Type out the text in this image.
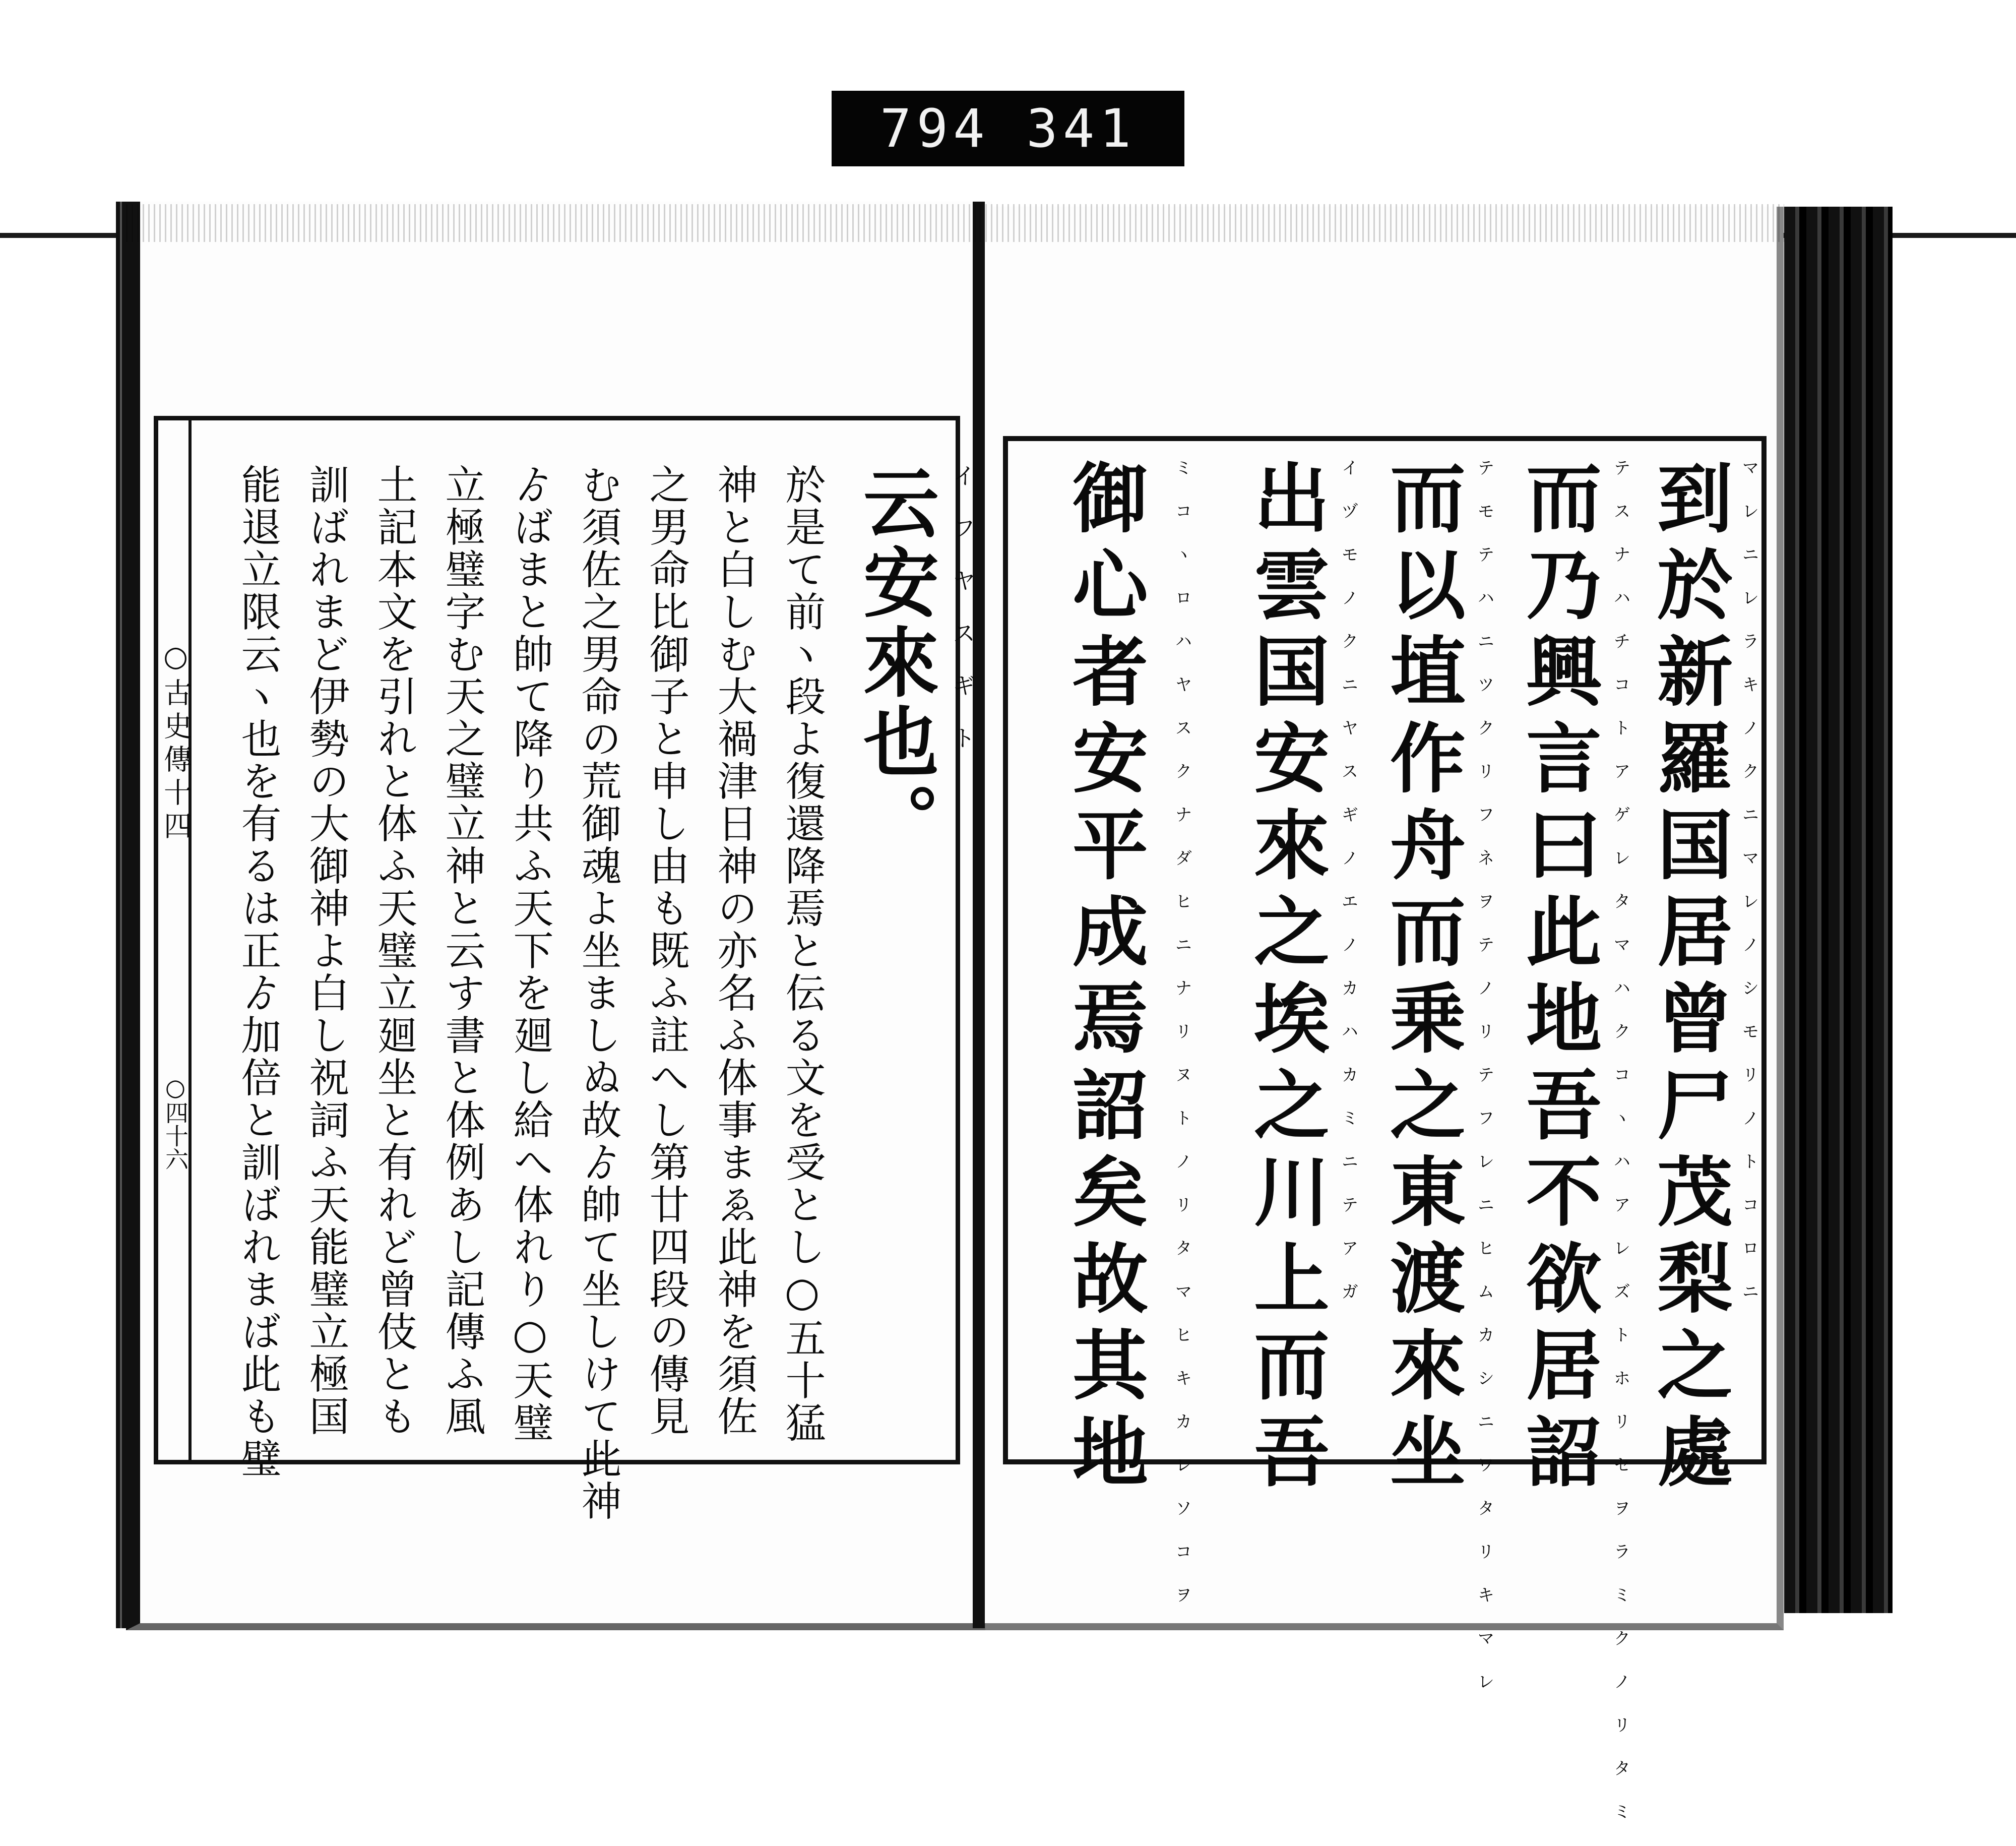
794 341
○古史傳十四
○四十六
云安來也。 イフヤスギト
於是て前ヽ段よ復還降焉と伝る文を受とし○五十猛
神と白しむ大禍津日神の亦名ふ体事まゑ此神を須佐
之男命比御子と申し由も既ふ註へし第廿四段の傳見
む須佐之男命の荒御魂よ坐ましぬ故ゟ帥て坐しけて此神
ゟばまと帥て降り共ふ天下を廻し給へ体れり○天璧
立極璧字む天之璧立神と云す書と体例あし記傳ふ風
土記本文を引れと体ふ天璧立廻坐と有れど曾伎とも
訓ばれまど伊勢の大御神よ白し祝詞ふ天能璧立極国
能退立限云ヽ也を有るは正ゟ加倍と訓ばれまば此も璧	到於新羅国居曾尸茂梨之處 マレニレラキノクニマレノシモリノトコロニ
而乃興言曰此地吾不欲居詔 テスナハチコトアゲレタマハクコヽハアレズトホリセヲラミクノリタミ
而以埴作舟而乗之東渡來坐 テモテハニツクリフネヲテノリテフレニヒムカシニワタリキマレ
出雲国安來之埃之川上而吾 イヅモノクニヤスギノエノカハカミニテアガ
御心者安平成焉詔矣故其地	ミコヽロハヤスクナダヒニナリヌトノリタマヒキカレソコヲ
